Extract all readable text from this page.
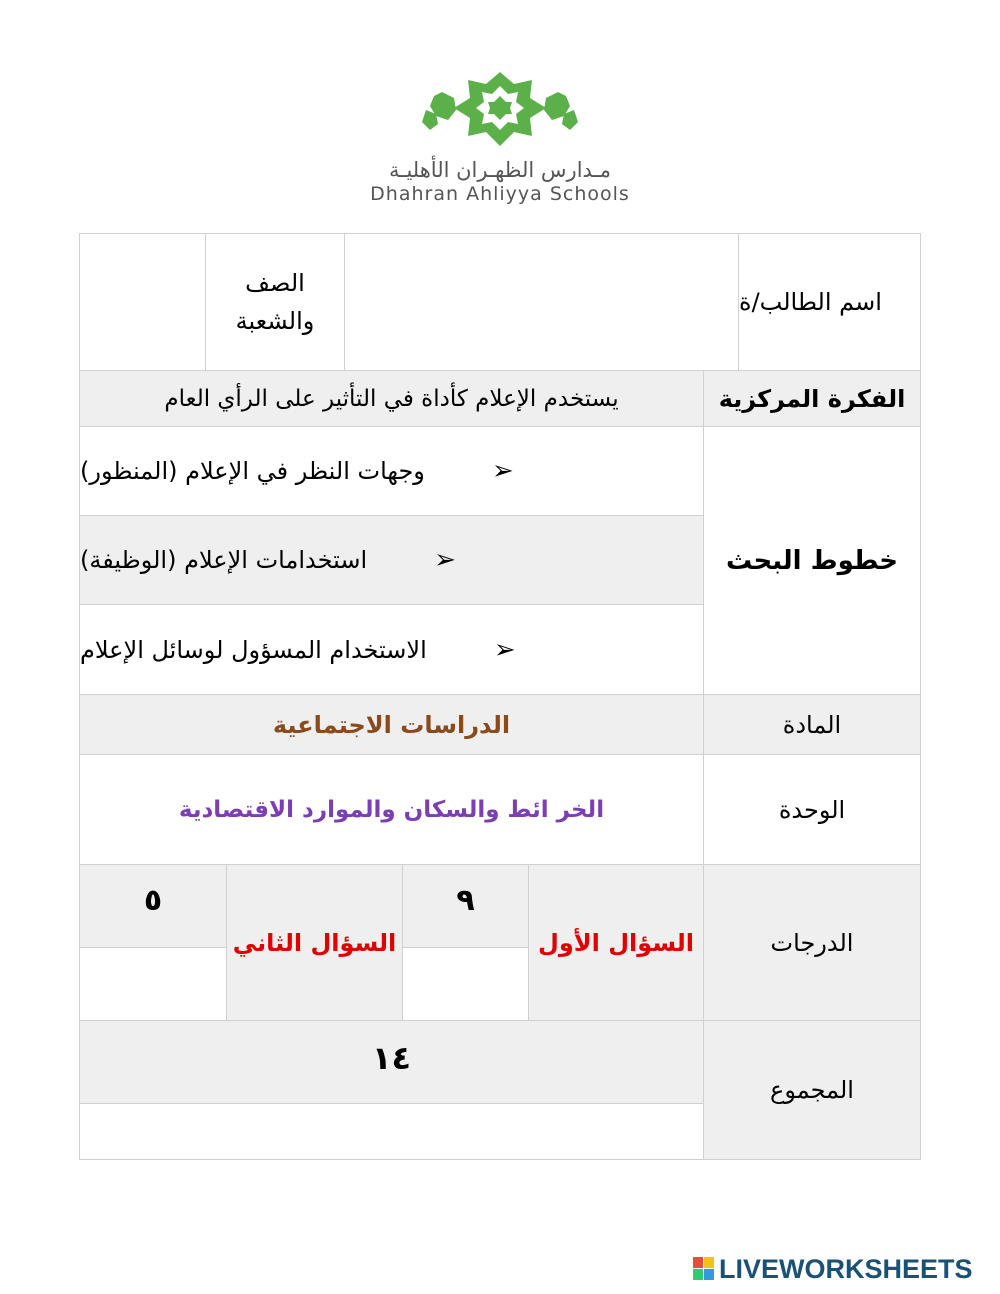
مـدارس الظهـران الأهليـة
Dhahran Ahliyya Schools
اسم الطالب/ة
الصف والشعبة
الفكرة المركزية
يستخدم الإعلام كأداة في التأثير على الرأي العام
خطوط البحث
➢
وجهات النظر في الإعلام (المنظور)
➢
استخدامات الإعلام (الوظيفة)
➢
الاستخدام المسؤول لوسائل الإعلام
المادة
الدراسات الاجتماعية
الوحدة
الخر ائط والسكان والموارد الاقتصادية
الدرجات
السؤال الأول
٩
السؤال الثاني
٥
المجموع
١٤
LIVEWORKSHEETS
